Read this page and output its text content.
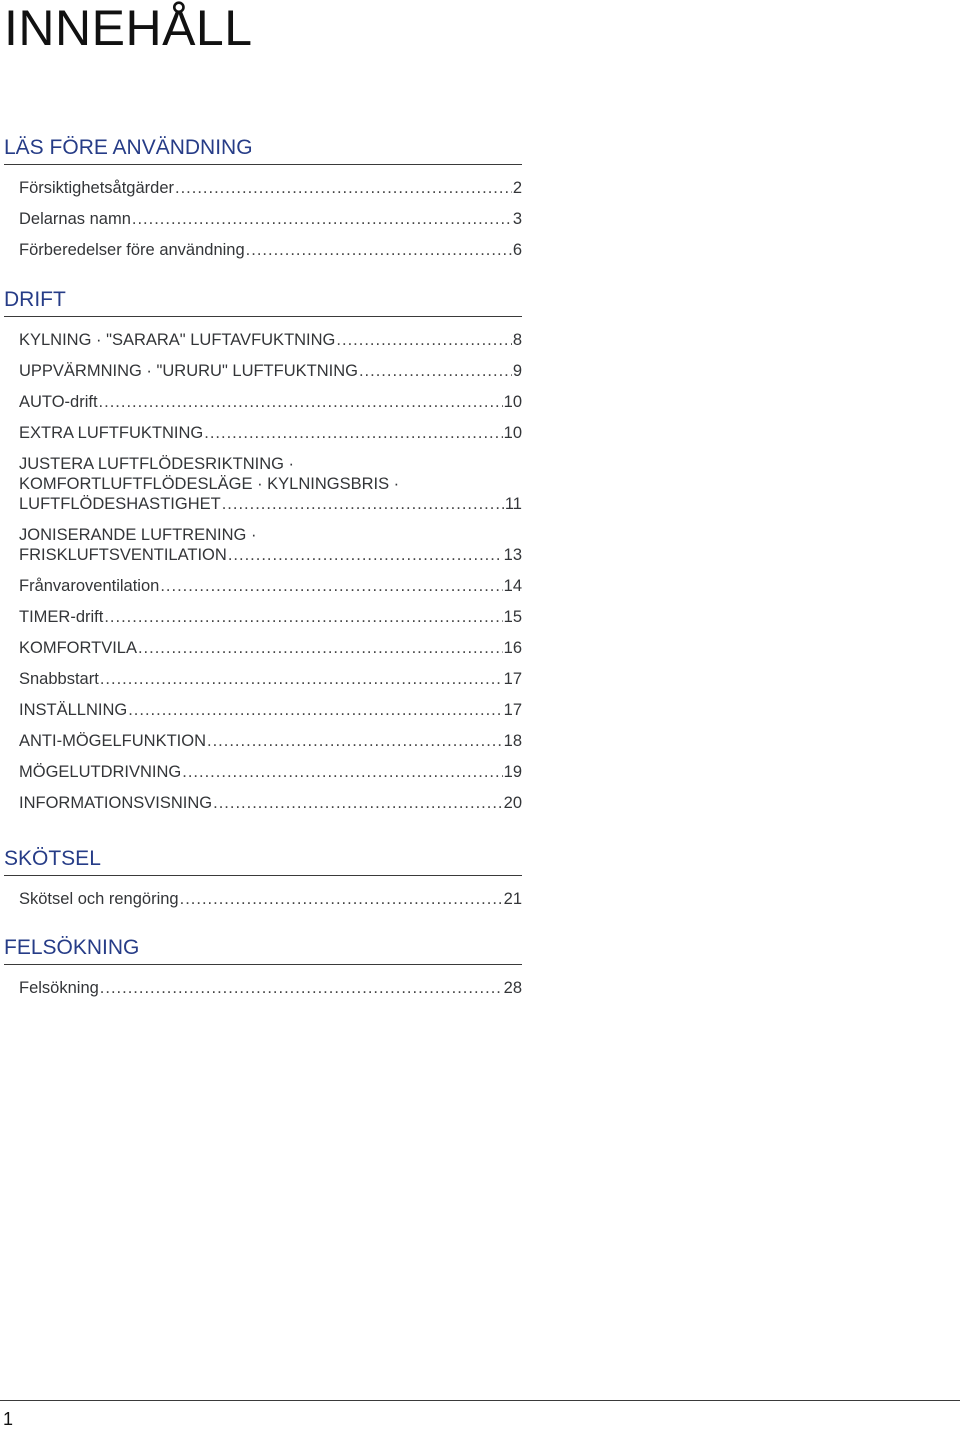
INNEHÅLL
LÄS FÖRE ANVÄNDNING
Försiktighetsåtgärder .....	2
Delarnas namn .....	3
Förberedelser före användning .....	6
DRIFT
KYLNING · "SARARA" LUFTAVFUKTNING .....	8
UPPVÄRMNING · "URURU" LUFTFUKTNING .....	9
AUTO-drift .....	10
EXTRA LUFTFUKTNING .....	10
JUSTERA LUFTFLÖDESRIKTNING ·
KOMFORTLUFTFLÖDESLÄGE · KYLNINGSBRIS ·
LUFTFLÖDESHASTIGHET .....	11
JONISERANDE LUFTRENING ·
FRISKLUFTSVENTILATION .....	13
Frånvaroventilation .....	14
TIMER-drift .....	15
KOMFORTVILA .....	16
Snabbstart .....	17
INSTÄLLNING .....	17
ANTI-MÖGELFUNKTION .....	18
MÖGELUTDRIVNING .....	19
INFORMATIONSVISNING .....	20
SKÖTSEL
Skötsel och rengöring .....	21
FELSÖKNING
Felsökning .....	28
1
